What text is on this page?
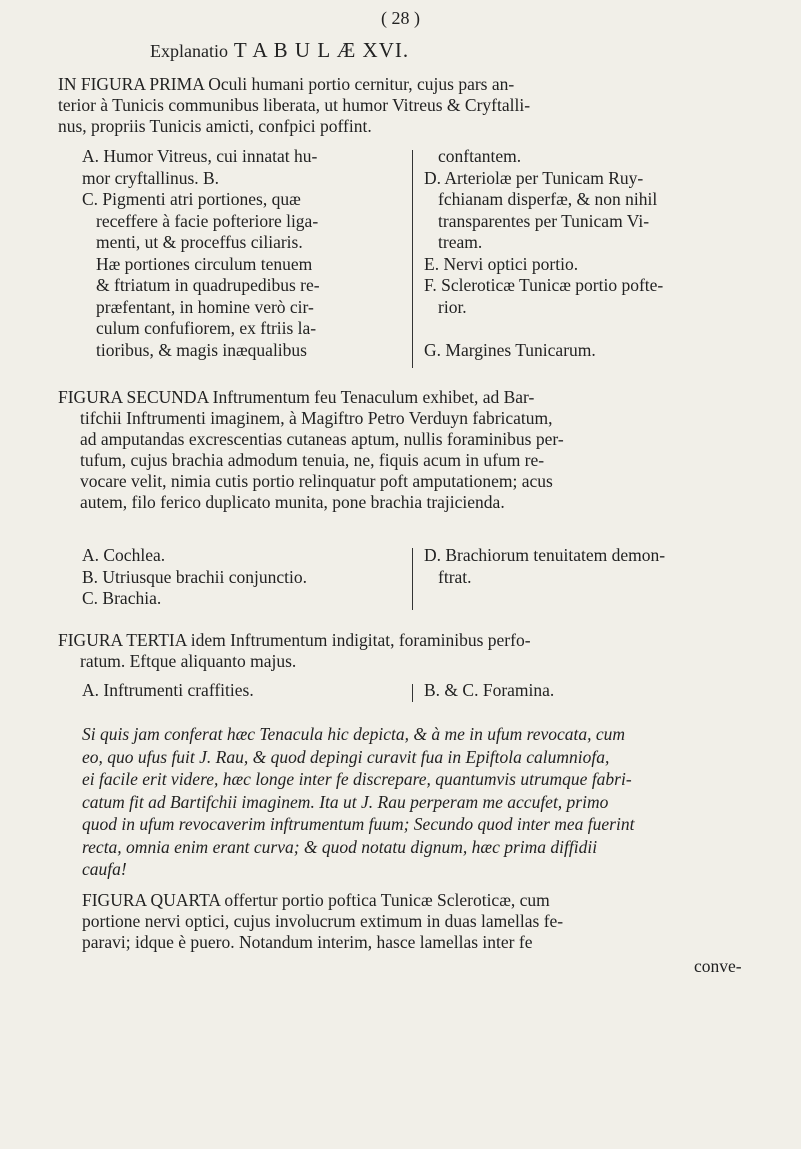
( 28 )
Explanatio T A B U L Æ XVI.
IN FIGURA PRIMA Oculi humani portio cernitur, cujus pars an-
terior à Tunicis communibus liberata, ut humor Vitreus & Cryftalli-
nus, propriis Tunicis amicti, confpici poffint.
A. Humor Vitreus, cui innatat hu-
mor cryftallinus. B.
C. Pigmenti atri portiones, quæ
receffere à facie pofteriore liga-
menti, ut & proceffus ciliaris.
Hæ portiones circulum tenuem
& ftriatum in quadrupedibus re-
præfentant, in homine verò cir-
culum confufiorem, ex ftriis la-
tioribus, & magis inæqualibus
conftantem.
D. Arteriolæ per Tunicam Ruy-
fchianam disperfæ, & non nihil
transparentes per Tunicam Vi-
tream.
E. Nervi optici portio.
F. Scleroticæ Tunicæ portio pofte-
rior.

G. Margines Tunicarum.
FIGURA SECUNDA Inftrumentum feu Tenaculum exhibet, ad Bar-
tifchii Inftrumenti imaginem, à Magiftro Petro Verduyn fabricatum,
ad amputandas excrescentias cutaneas aptum, nullis foraminibus per-
tufum, cujus brachia admodum tenuia, ne, fiquis acum in ufum re-
vocare velit, nimia cutis portio relinquatur poft amputationem; acus
autem, filo ferico duplicato munita, pone brachia trajicienda.
A. Cochlea.
B. Utriusque brachii conjunctio.
C. Brachia.
D. Brachiorum tenuitatem demon-
ftrat.
FIGURA TERTIA idem Inftrumentum indigitat, foraminibus perfo-
ratum. Eftque aliquanto majus.
A. Inftrumenti craffities.	B. & C. Foramina.
Si quis jam conferat hæc Tenacula hic depicta, & à me in ufum revocata, cum
eo, quo ufus fuit J. Rau, & quod depingi curavit fua in Epiftola calumniofa,
ei facile erit videre, hæc longe inter fe discrepare, quantumvis utrumque fabri-
catum fit ad Bartifchii imaginem. Ita ut J. Rau perperam me accufet, primo
quod in ufum revocaverim inftrumentum fuum; Secundo quod inter mea fuerint
recta, omnia enim erant curva; & quod notatu dignum, hæc prima diffidii
caufa!
FIGURA QUARTA offertur portio poftica Tunicæ Scleroticæ, cum
portione nervi optici, cujus involucrum extimum in duas lamellas fe-
paravi; idque è puero. Notandum interim, hasce lamellas inter fe
conve-
